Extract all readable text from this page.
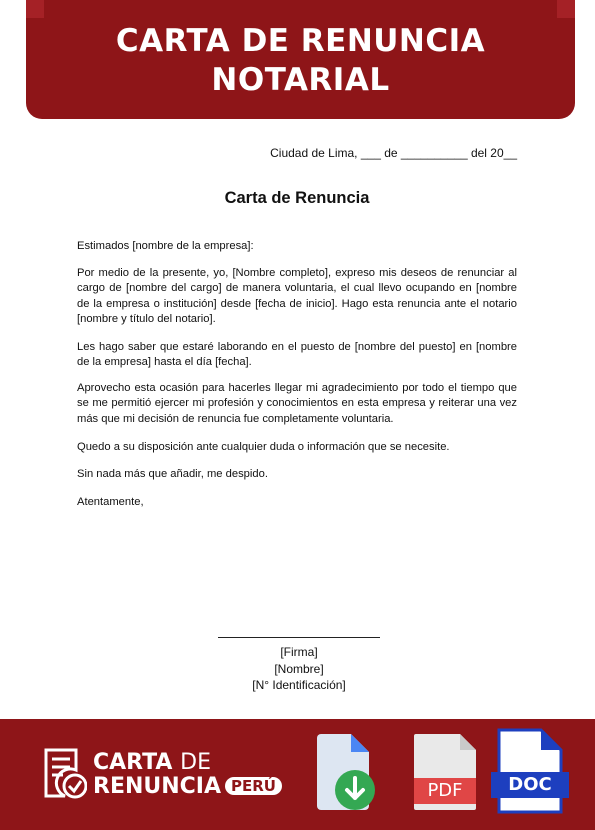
CARTA DE RENUNCIA
NOTARIAL
Ciudad de Lima, ___ de __________ del 20__
Carta de Renuncia
Estimados [nombre de la empresa]:
Por medio de la presente, yo, [Nombre completo], expreso mis deseos de renunciar al cargo de [nombre del cargo] de manera voluntaria, el cual llevo ocupando en [nombre de la empresa o institución] desde [fecha de inicio]. Hago esta renuncia ante el notario [nombre y título del notario].
Les hago saber que estaré laborando en el puesto de [nombre del puesto] en [nombre de la empresa] hasta el día [fecha].
Aprovecho esta ocasión para hacerles llegar mi agradecimiento por todo el tiempo que se me permitió ejercer mi profesión y conocimientos en esta empresa y reiterar una vez más que mi decisión de renuncia fue completamente voluntaria.
Quedo a su disposición ante cualquier duda o información que se necesite.
Sin nada más que añadir, me despido.
Atentamente,
[Firma]
[Nombre]
[N° Identificación]
CARTA DE
RENUNCIA PERÚ	PDF	DOC
